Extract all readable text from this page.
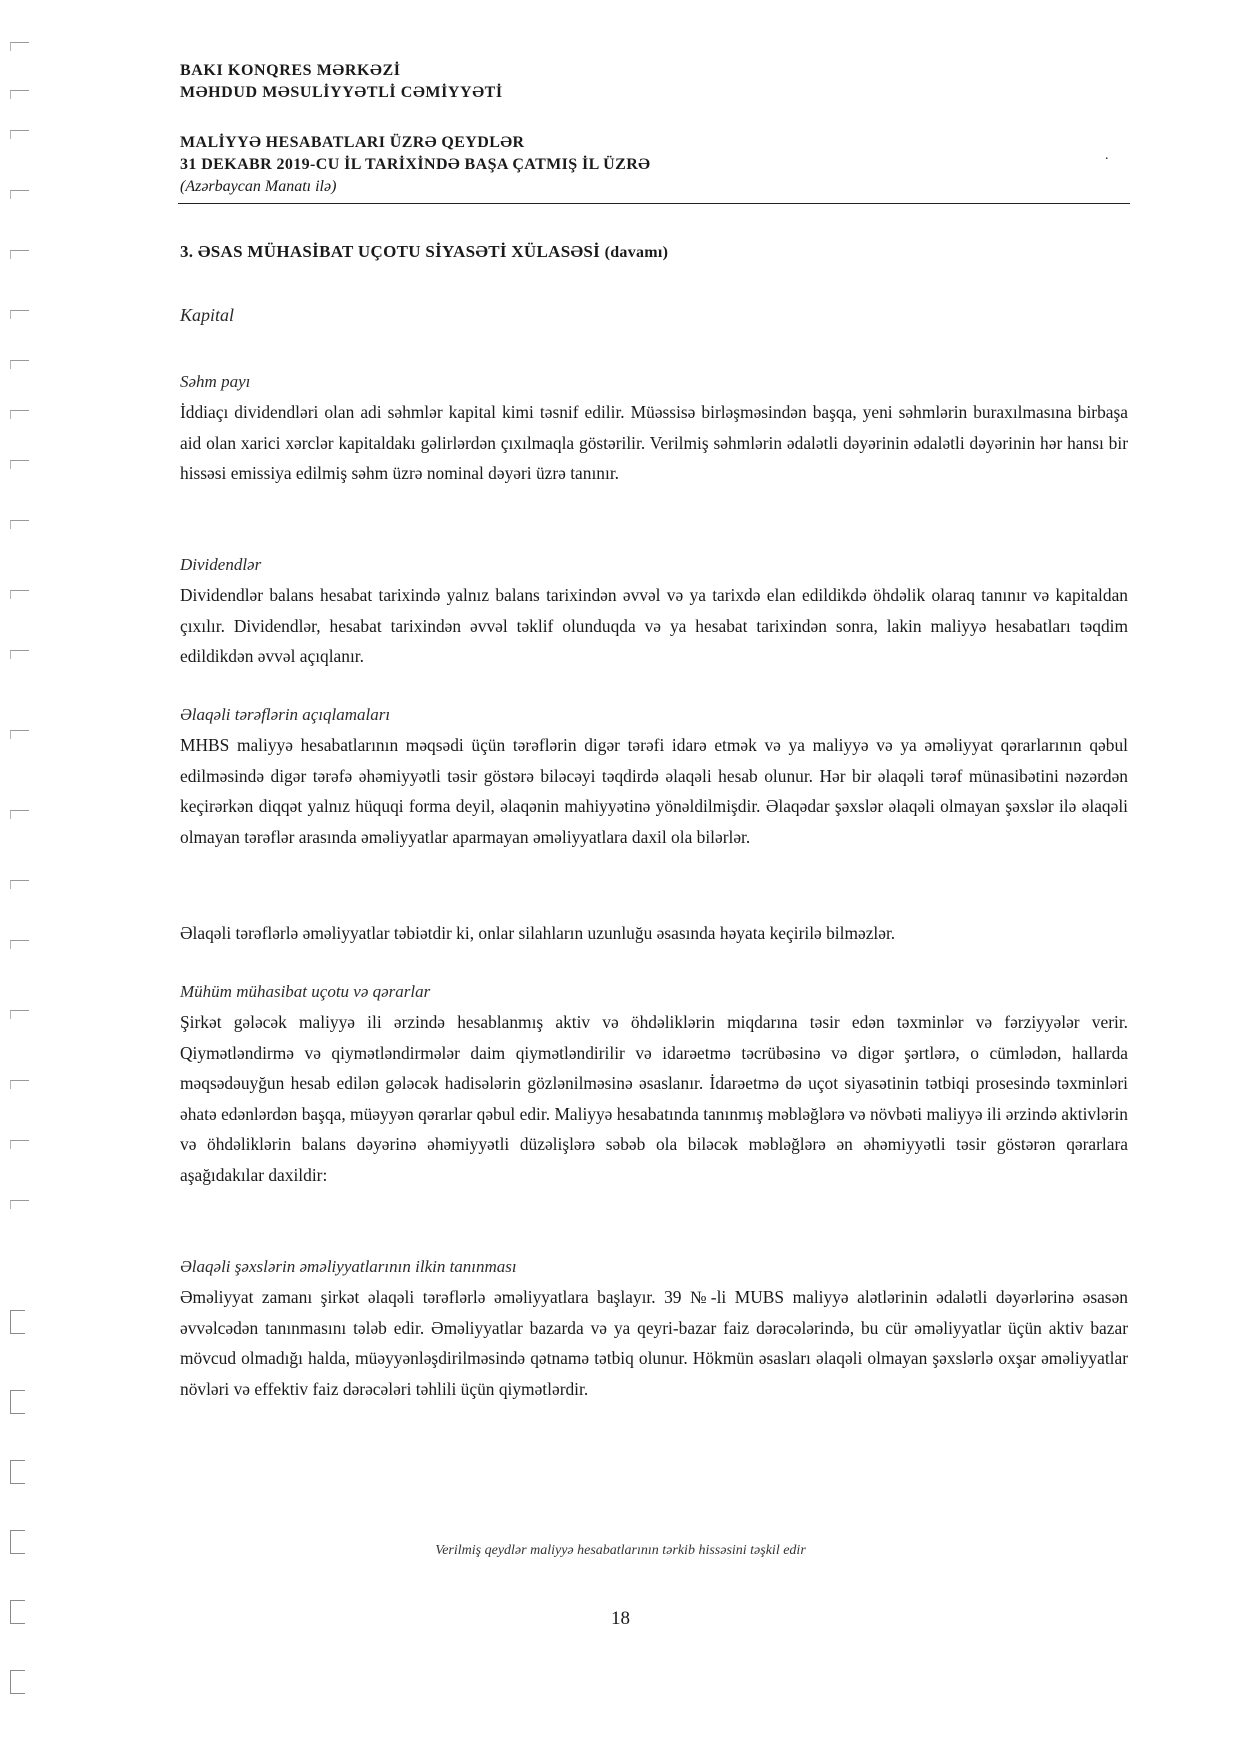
BAKI KONQRES MƏRKƏZİ
MƏHDUD MƏSULİYYƏTLİ CƏMİYYƏTİ
MALİYYƏ HESABATLARI ÜZRƏ QEYDLƏR
31 DEKABR 2019-CU İL TARİXİNDƏ BAŞA ÇATMIŞ İL ÜZRƏ
(Azərbaycan Manatı ilə)
.
3. ƏSAS MÜHASİBAT UÇOTU SİYASƏTİ XÜLASƏSİ (davamı)
Kapital
Səhm payı
İddiaçı dividendləri olan adi səhmlər kapital kimi təsnif edilir. Müəssisə birləşməsindən başqa, yeni səhmlərin buraxılmasına birbaşa aid olan xarici xərclər kapitaldakı gəlirlərdən çıxılmaqla göstərilir. Verilmiş səhmlərin ədalətli dəyərinin ədalətli dəyərinin hər hansı bir hissəsi emissiya edilmiş səhm üzrə nominal dəyəri üzrə tanınır.
Dividendlər
Dividendlər balans hesabat tarixində yalnız balans tarixindən əvvəl və ya tarixdə elan edildikdə öhdəlik olaraq tanınır və kapitaldan çıxılır. Dividendlər, hesabat tarixindən əvvəl təklif olunduqda və ya hesabat tarixindən sonra, lakin maliyyə hesabatları təqdim edildikdən əvvəl açıqlanır.
Əlaqəli tərəflərin açıqlamaları
MHBS maliyyə hesabatlarının məqsədi üçün tərəflərin digər tərəfi idarə etmək və ya maliyyə və ya əməliyyat qərarlarının qəbul edilməsində digər tərəfə əhəmiyyətli təsir göstərə biləcəyi təqdirdə əlaqəli hesab olunur. Hər bir əlaqəli tərəf münasibətini nəzərdən keçirərkən diqqət yalnız hüquqi forma deyil, əlaqənin mahiyyətinə yönəldilmişdir. Əlaqədar şəxslər əlaqəli olmayan şəxslər ilə əlaqəli olmayan tərəflər arasında əməliyyatlar aparmayan əməliyyatlara daxil ola bilərlər.
Əlaqəli tərəflərlə əməliyyatlar təbiətdir ki, onlar silahların uzunluğu əsasında həyata keçirilə bilməzlər.
Mühüm mühasibat uçotu və qərarlar
Şirkət gələcək maliyyə ili ərzində hesablanmış aktiv və öhdəliklərin miqdarına təsir edən təxminlər və fərziyyələr verir. Qiymətləndirmə və qiymətləndirmələr daim qiymətləndirilir və idarəetmə təcrübəsinə və digər şərtlərə, o cümlədən, hallarda məqsədəuyğun hesab edilən gələcək hadisələrin gözlənilməsinə əsaslanır. İdarəetmə də uçot siyasətinin tətbiqi prosesində təxminləri əhatə edənlərdən başqa, müəyyən qərarlar qəbul edir. Maliyyə hesabatında tanınmış məbləğlərə və növbəti maliyyə ili ərzində aktivlərin və öhdəliklərin balans dəyərinə əhəmiyyətli düzəlişlərə səbəb ola biləcək məbləğlərə ən əhəmiyyətli təsir göstərən qərarlara aşağıdakılar daxildir:
Əlaqəli şəxslərin əməliyyatlarının ilkin tanınması
Əməliyyat zamanı şirkət əlaqəli tərəflərlə əməliyyatlara başlayır. 39 №-li MUBS maliyyə alətlərinin ədalətli dəyərlərinə əsasən əvvəlcədən tanınmasını tələb edir. Əməliyyatlar bazarda və ya qeyri-bazar faiz dərəcələrində, bu cür əməliyyatlar üçün aktiv bazar mövcud olmadığı halda, müəyyənləşdirilməsində qətnamə tətbiq olunur. Hökmün əsasları əlaqəli olmayan şəxslərlə oxşar əməliyyatlar növləri və effektiv faiz dərəcələri təhlili üçün qiymətlərdir.
Verilmiş qeydlər maliyyə hesabatlarının tərkib hissəsini təşkil edir
18
